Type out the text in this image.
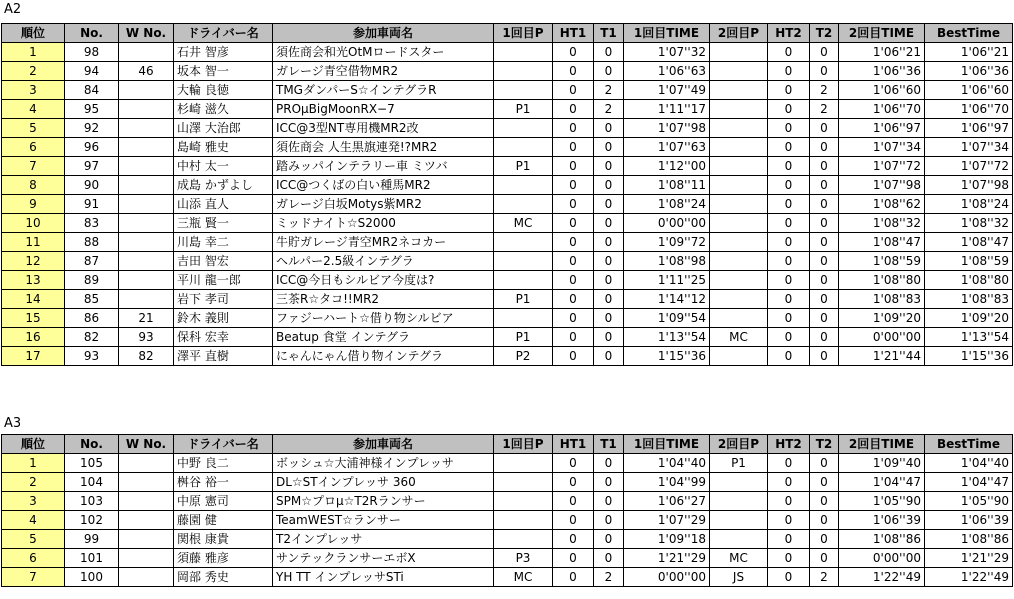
A2
順位	No.	W No.	ドライバー名	参加車両名	1回目P	HT1	T1	1回目TIME	2回目P	HT2	T2	2回目TIME	BestTime
1	98		石井 智彦	須佐商会和光OtMロードスター		0	0	1'07''32		0	0	1'06''21	1'06''21
2	94	46	坂本 智一	ガレージ青空借物MR2		0	0	1'06''63		0	0	1'06''36	1'06''36
3	84		大輪 良徳	TMGダンパーS☆インテグラR		0	2	1'07''49		0	2	1'06''60	1'06''60
4	95		杉崎 滋久	PROμBigMoonRX−7	P1	0	2	1'11''17		0	2	1'06''70	1'06''70
5	92		山澤 大治郎	ICC@3型NT専用機MR2改		0	0	1'07''98		0	0	1'06''97	1'06''97
6	96		島崎 雅史	須佐商会 人生黒旗連発!?MR2		0	0	1'07''63		0	0	1'07''34	1'07''34
7	97		中村 太一	踏みッパインテラリー車 ミツバ	P1	0	0	1'12''00		0	0	1'07''72	1'07''72
8	90		成島 かずよし	ICC@つくばの白い種馬MR2		0	0	1'08''11		0	0	1'07''98	1'07''98
9	91		山添 直人	ガレージ白坂Motys紫MR2		0	0	1'08''24		0	0	1'08''62	1'08''24
10	83		三瓶 賢一	ミッドナイト☆S2000	MC	0	0	0'00''00		0	0	1'08''32	1'08''32
11	88		川島 幸二	牛貯ガレージ青空MR2ネコカー		0	0	1'09''72		0	0	1'08''47	1'08''47
12	87		吉田 智宏	ヘルパー2.5級インテグラ		0	0	1'08''98		0	0	1'08''59	1'08''59
13	89		平川 龍一郎	ICC@今日もシルビア今度は?		0	0	1'11''25		0	0	1'08''80	1'08''80
14	85		岩下 孝司	三茶R☆タコ!!MR2	P1	0	0	1'14''12		0	0	1'08''83	1'08''83
15	86	21	鈴木 義則	ファジーハート☆借り物シルビア		0	0	1'09''54		0	0	1'09''20	1'09''20
16	82	93	保科 宏幸	Beatup 食堂 インテグラ	P1	0	0	1'13''54	MC	0	0	0'00''00	1'13''54
17	93	82	澤平 直樹	にゃんにゃん借り物インテグラ	P2	0	0	1'15''36		0	0	1'21''44	1'15''36
A3
順位	No.	W No.	ドライバー名	参加車両名	1回目P	HT1	T1	1回目TIME	2回目P	HT2	T2	2回目TIME	BestTime
1	105		中野 良二	ボッシュ☆大浦神様インプレッサ		0	0	1'04''40	P1	0	0	1'09''40	1'04''40
2	104		桝谷 裕一	DL☆STインプレッサ 360		0	0	1'04''99		0	0	1'04''47	1'04''47
3	103		中原 憲司	SPM☆プロμ☆T2Rランサー		0	0	1'06''27		0	0	1'05''90	1'05''90
4	102		藤園 健	TeamWEST☆ランサー		0	0	1'07''29		0	0	1'06''39	1'06''39
5	99		関根 康貴	T2インプレッサ		0	0	1'09''18		0	0	1'08''86	1'08''86
6	101		須藤 雅彦	サンテックランサーエボX	P3	0	0	1'21''29	MC	0	0	0'00''00	1'21''29
7	100		岡部 秀史	YH TT インプレッサSTi	MC	0	2	0'00''00	JS	0	2	1'22''49	1'22''49
